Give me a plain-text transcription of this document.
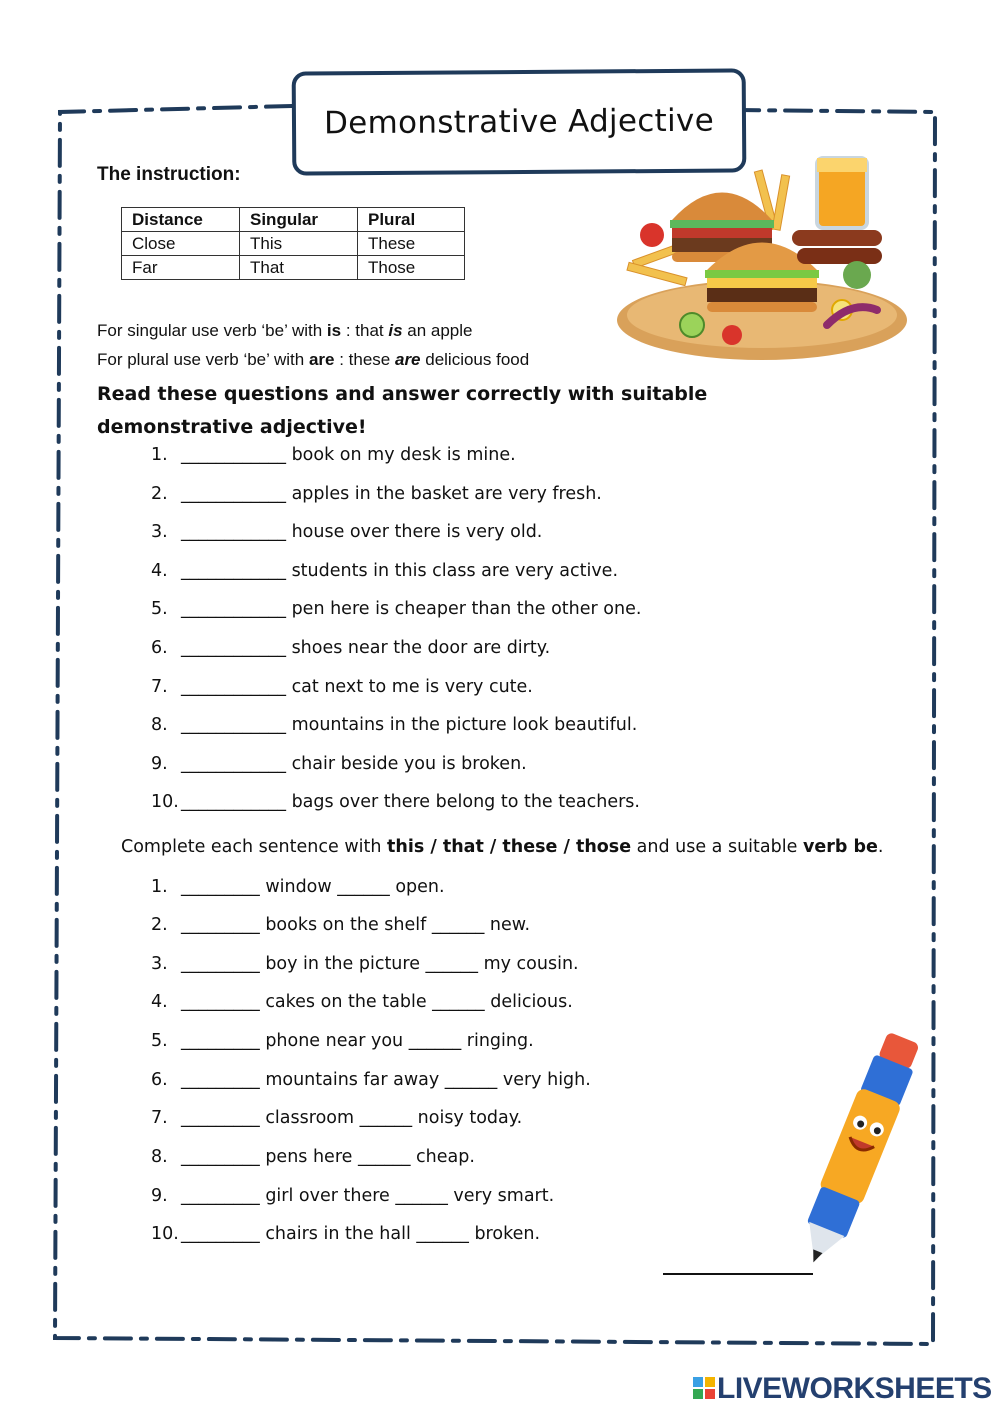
Demonstrative Adjective
The instruction:
Distance	Singular	Plural
Close	This	These
Far	That	Those
For singular use verb ‘be’ with is : that is an apple
For plural use verb ‘be’ with are : these are delicious food
Read these questions and answer correctly with suitable demonstrative adjective!
1. ____________ book on my desk is mine.
2. ____________ apples in the basket are very fresh.
3. ____________ house over there is very old.
4. ____________ students in this class are very active.
5. ____________ pen here is cheaper than the other one.
6. ____________ shoes near the door are dirty.
7. ____________ cat next to me is very cute.
8. ____________ mountains in the picture look beautiful.
9. ____________ chair beside you is broken.
10. ____________ bags over there belong to the teachers.
Complete each sentence with this / that / these / those and use a suitable verb be.
1. _________ window ______ open.
2. _________ books on the shelf ______ new.
3. _________ boy in the picture ______ my cousin.
4. _________ cakes on the table ______ delicious.
5. _________ phone near you ______ ringing.
6. _________ mountains far away ______ very high.
7. _________ classroom ______ noisy today.
8. _________ pens here ______ cheap.
9. _________ girl over there ______ very smart.
10. _________ chairs in the hall ______ broken.
LIVEWORKSHEETS
